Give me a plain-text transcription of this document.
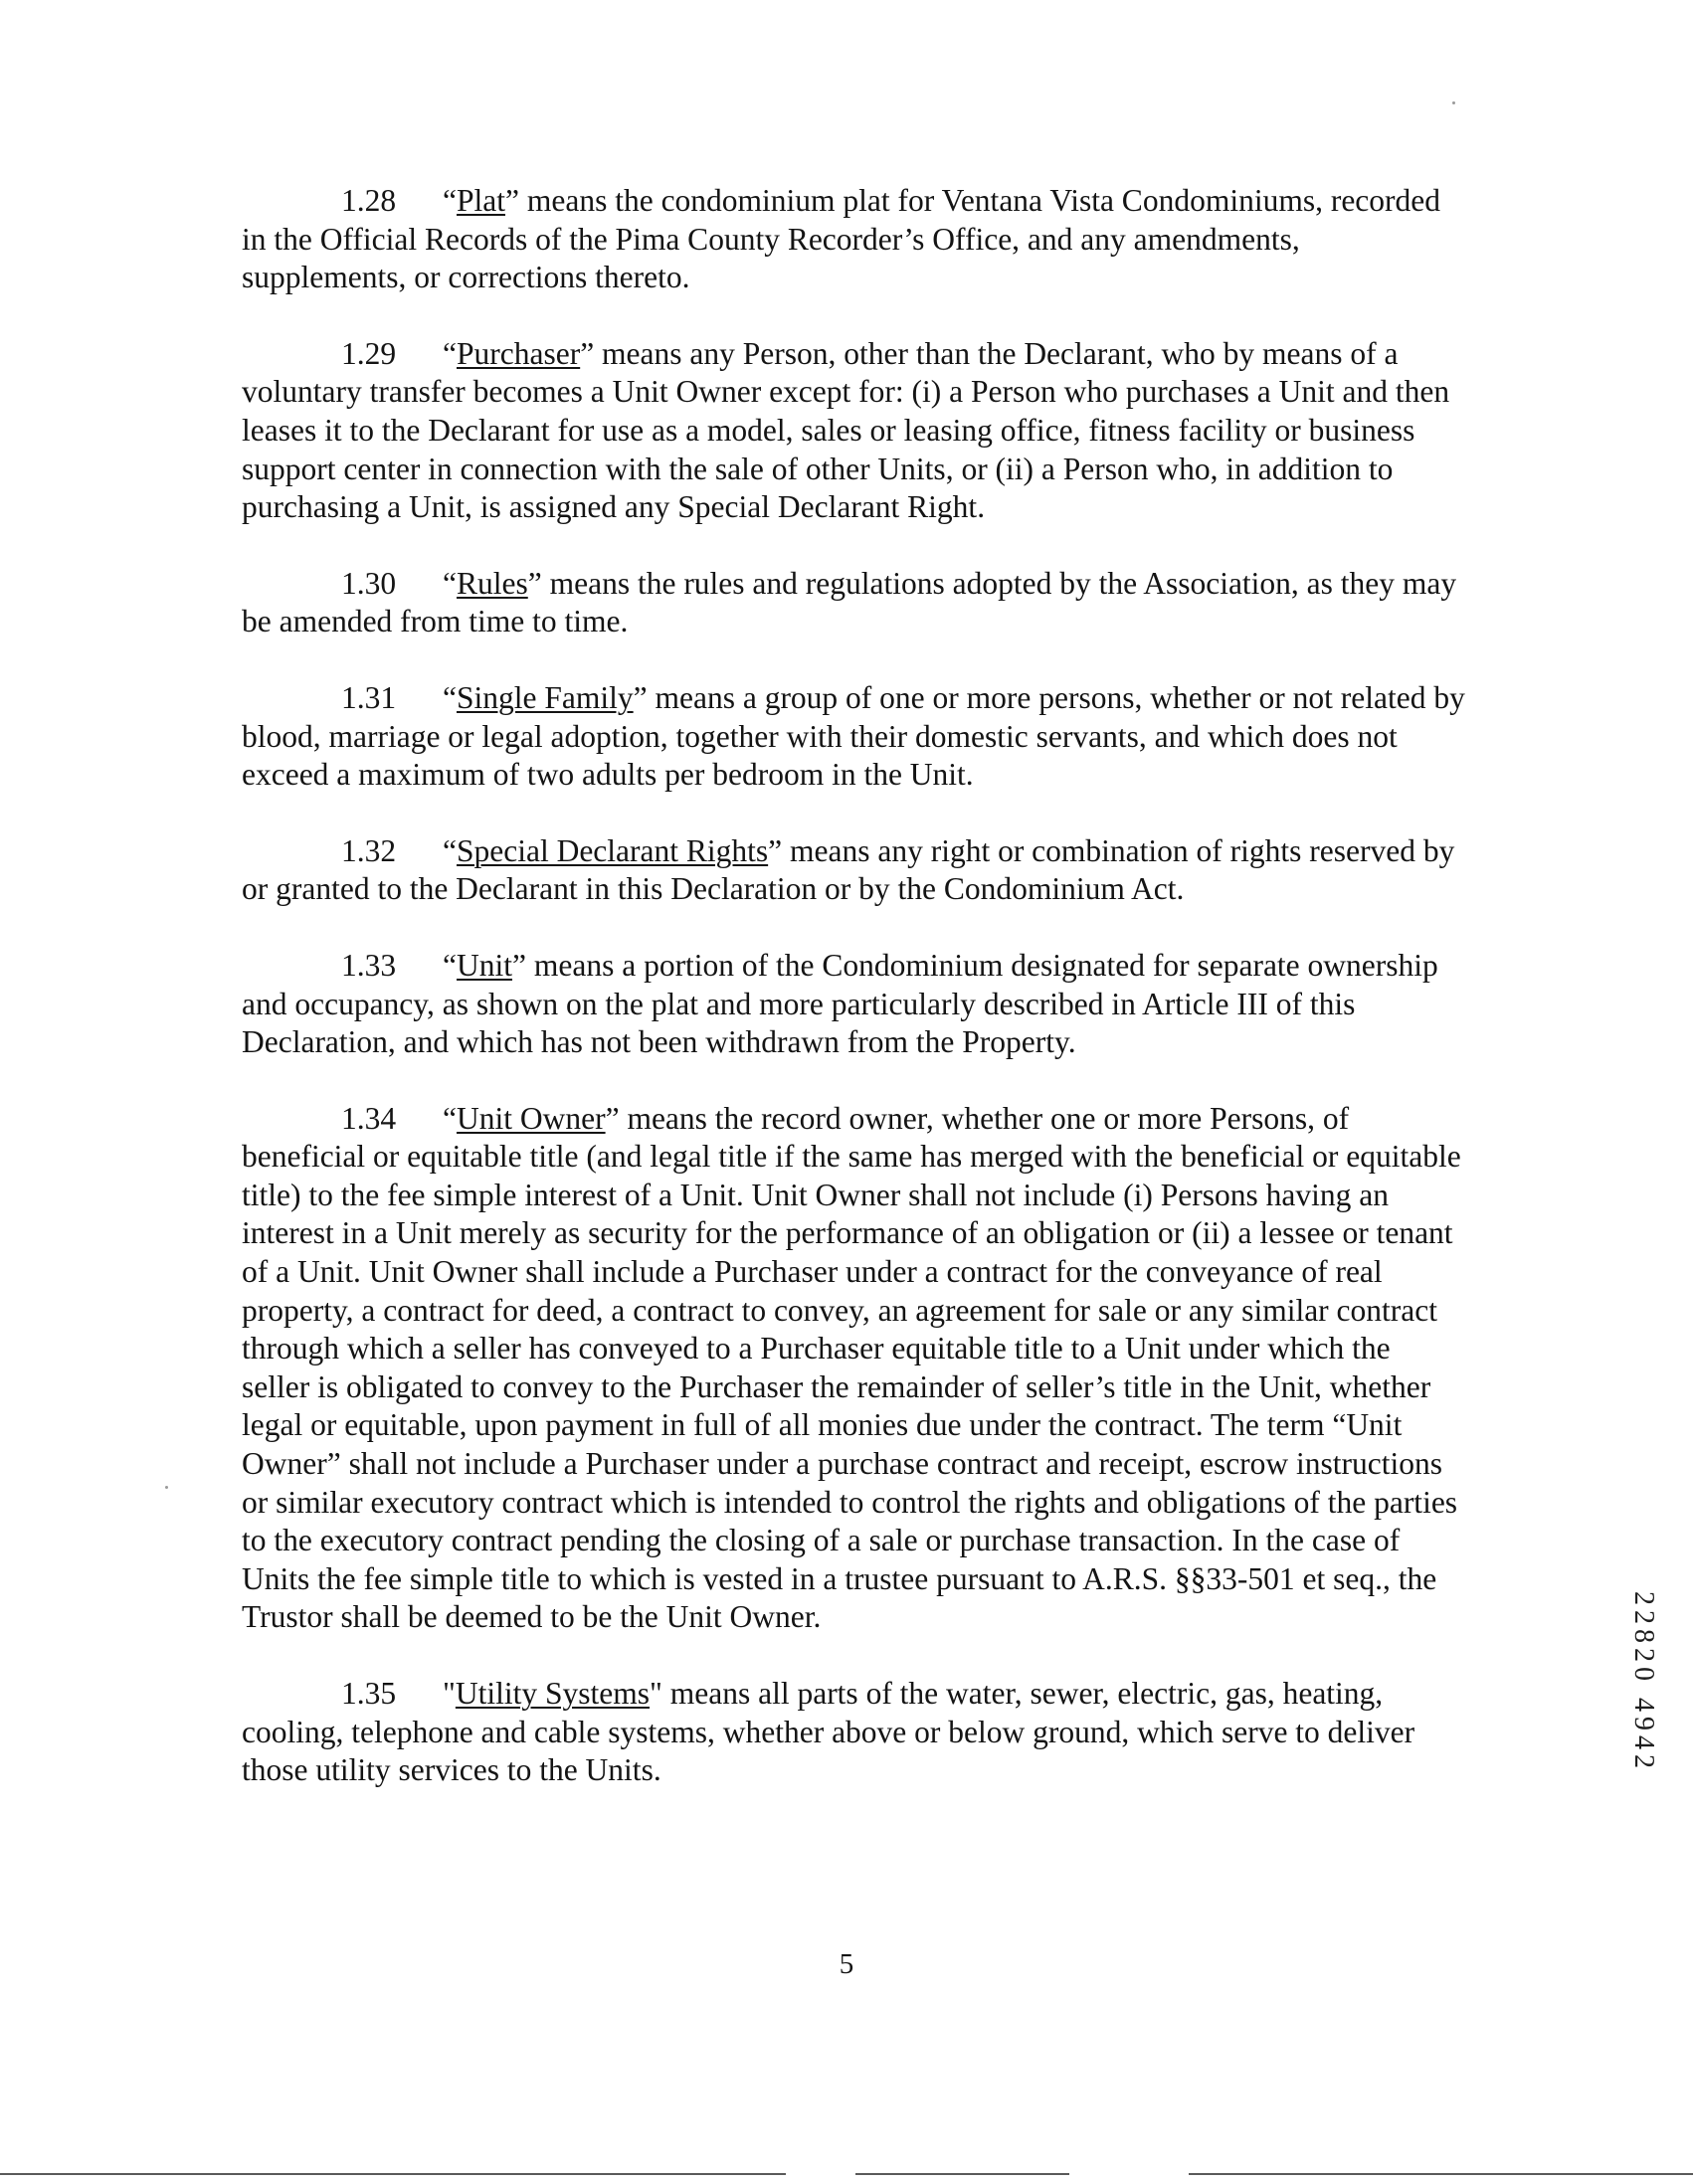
1.28 “Plat” means the condominium plat for Ventana Vista Condominiums, recorded in the Official Records of the Pima County Recorder’s Office, and any amendments, supplements, or corrections thereto.

1.29 “Purchaser” means any Person, other than the Declarant, who by means of a voluntary transfer becomes a Unit Owner except for: (i) a Person who purchases a Unit and then leases it to the Declarant for use as a model, sales or leasing office, fitness facility or business support center in connection with the sale of other Units, or (ii) a Person who, in addition to purchasing a Unit, is assigned any Special Declarant Right.

1.30 “Rules” means the rules and regulations adopted by the Association, as they may be amended from time to time.

1.31 “Single Family” means a group of one or more persons, whether or not related by blood, marriage or legal adoption, together with their domestic servants, and which does not exceed a maximum of two adults per bedroom in the Unit.

1.32 “Special Declarant Rights” means any right or combination of rights reserved by or granted to the Declarant in this Declaration or by the Condominium Act.

1.33 “Unit” means a portion of the Condominium designated for separate ownership and occupancy, as shown on the plat and more particularly described in Article III of this Declaration, and which has not been withdrawn from the Property.

1.34 “Unit Owner” means the record owner, whether one or more Persons, of beneficial or equitable title (and legal title if the same has merged with the beneficial or equitable title) to the fee simple interest of a Unit. Unit Owner shall not include (i) Persons having an interest in a Unit merely as security for the performance of an obligation or (ii) a lessee or tenant of a Unit. Unit Owner shall include a Purchaser under a contract for the conveyance of real property, a contract for deed, a contract to convey, an agreement for sale or any similar contract through which a seller has conveyed to a Purchaser equitable title to a Unit under which the seller is obligated to convey to the Purchaser the remainder of seller’s title in the Unit, whether legal or equitable, upon payment in full of all monies due under the contract. The term “Unit Owner” shall not include a Purchaser under a purchase contract and receipt, escrow instructions or similar executory contract which is intended to control the rights and obligations of the parties to the executory contract pending the closing of a sale or purchase transaction. In the case of Units the fee simple title to which is vested in a trustee pursuant to A.R.S. §§33-501 et seq., the Trustor shall be deemed to be the Unit Owner.

1.35 "Utility Systems" means all parts of the water, sewer, electric, gas, heating, cooling, telephone and cable systems, whether above or below ground, which serve to deliver those utility services to the Units.

5
22820 4942
